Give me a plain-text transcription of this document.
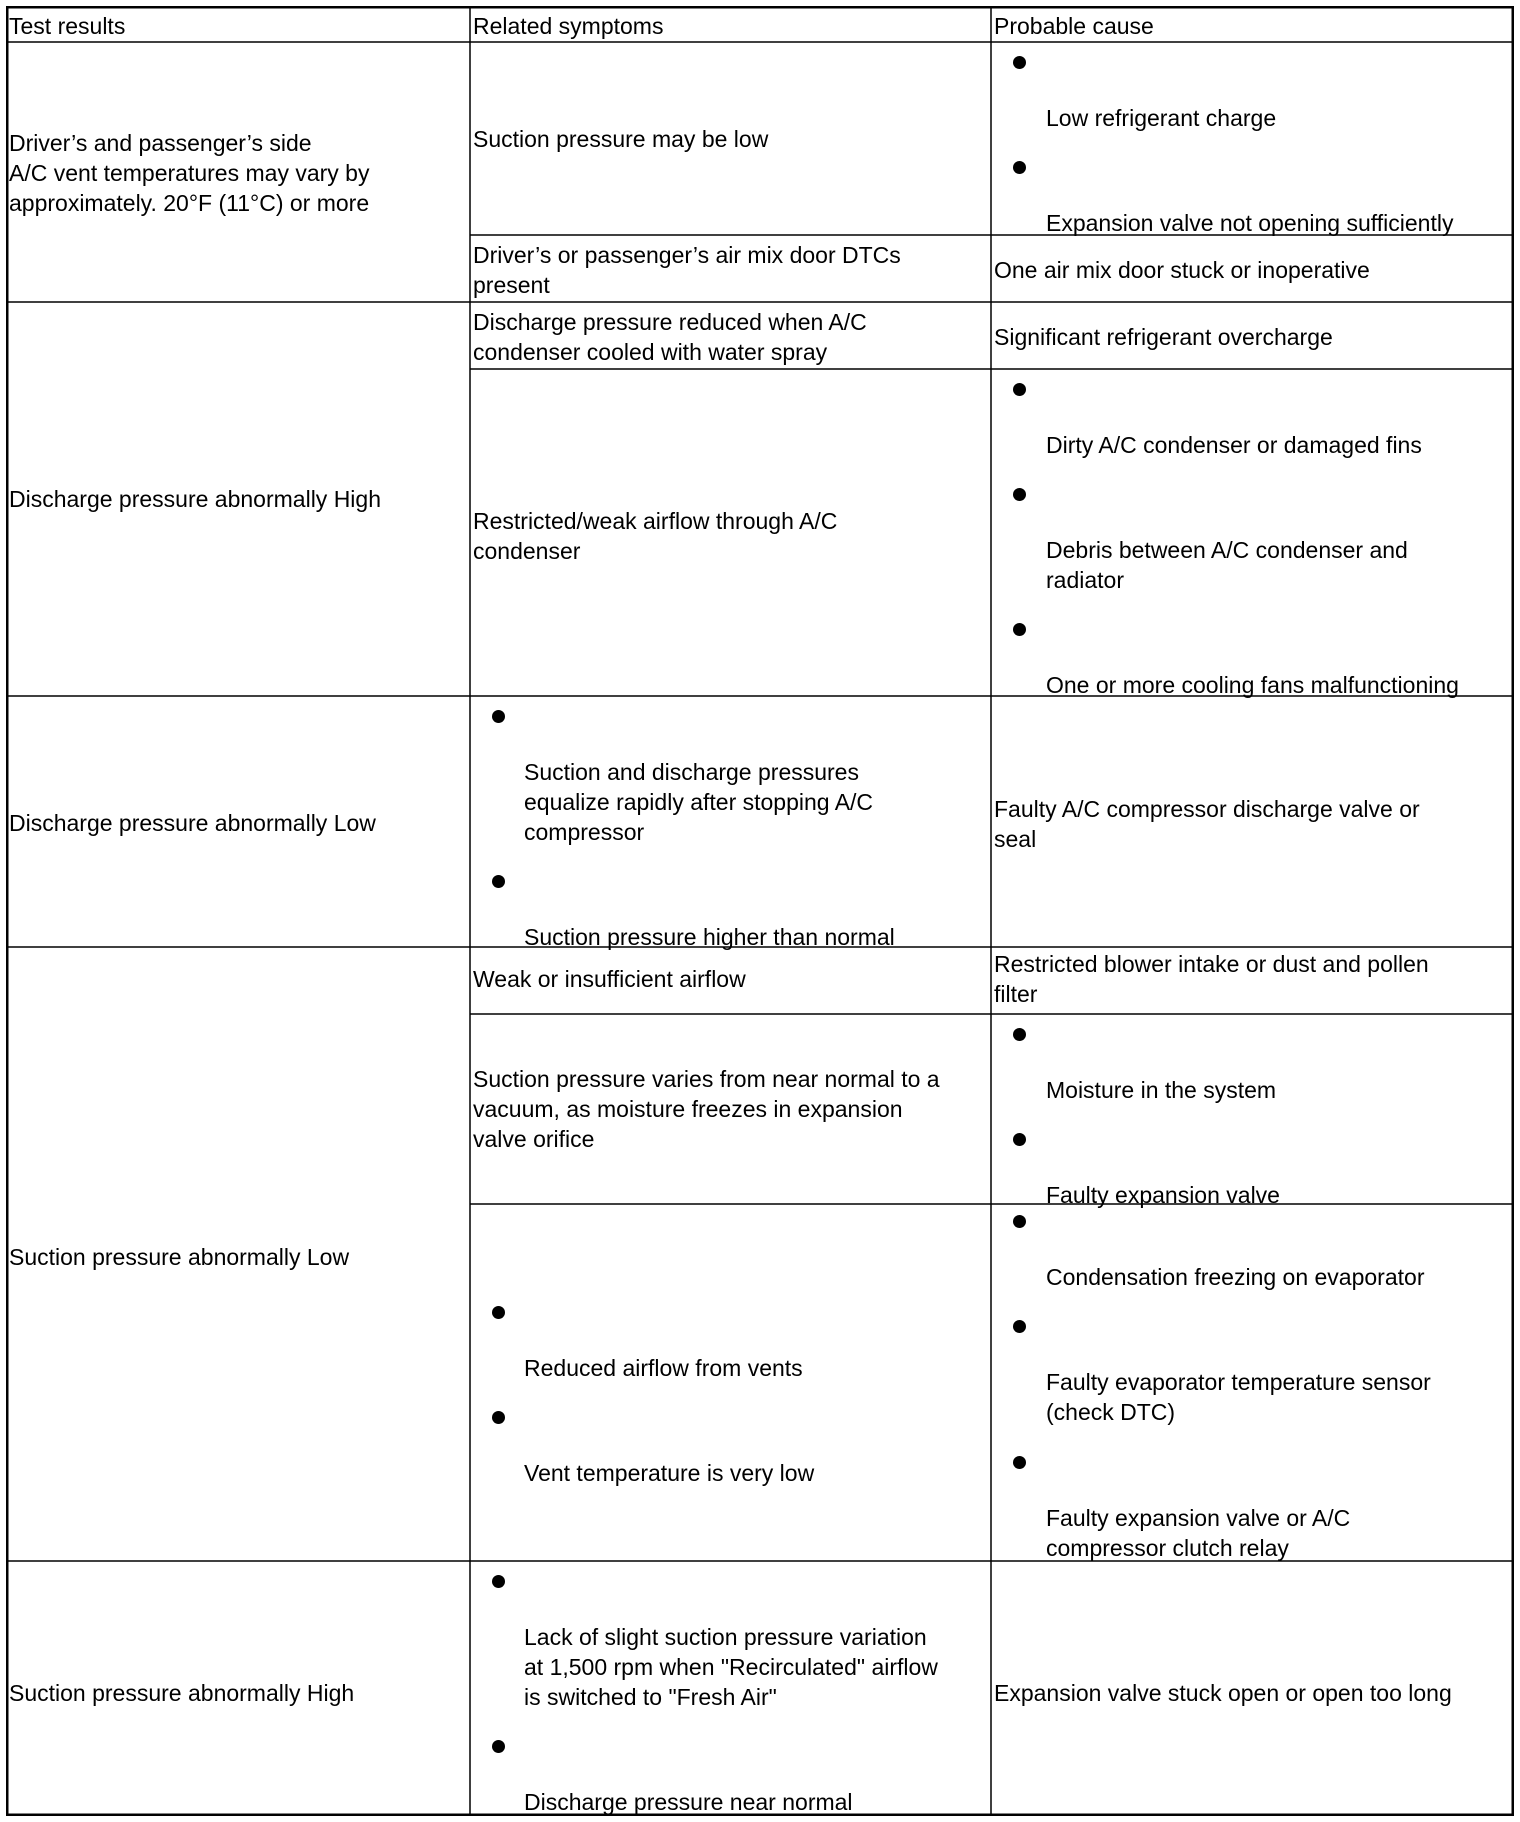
Test results	Related symptoms	Probable cause
Driver’s and passenger’s side
A/C vent temperatures may vary by
approximately. 20°F (11°C) or more
Suction pressure may be low
Low refrigerant charge
Expansion valve not opening sufficiently
Driver’s or passenger’s air mix door DTCs
present
One air mix door stuck or inoperative
Discharge pressure abnormally High
Discharge pressure reduced when A/C
condenser cooled with water spray
Significant refrigerant overcharge
Restricted/weak airflow through A/C
condenser
Dirty A/C condenser or damaged fins
Debris between A/C condenser and
radiator
One or more cooling fans malfunctioning
Discharge pressure abnormally Low
Suction and discharge pressures
equalize rapidly after stopping A/C
compressor
Suction pressure higher than normal
Faulty A/C compressor discharge valve or
seal
Suction pressure abnormally Low
Weak or insufficient airflow
Restricted blower intake or dust and pollen
filter
Suction pressure varies from near normal to a
vacuum, as moisture freezes in expansion
valve orifice
Moisture in the system
Faulty expansion valve
Reduced airflow from vents
Vent temperature is very low
Condensation freezing on evaporator
Faulty evaporator temperature sensor
(check DTC)
Faulty expansion valve or A/C
compressor clutch relay
Suction pressure abnormally High
Lack of slight suction pressure variation
at 1,500 rpm when "Recirculated" airflow
is switched to "Fresh Air"
Discharge pressure near normal
Expansion valve stuck open or open too long
